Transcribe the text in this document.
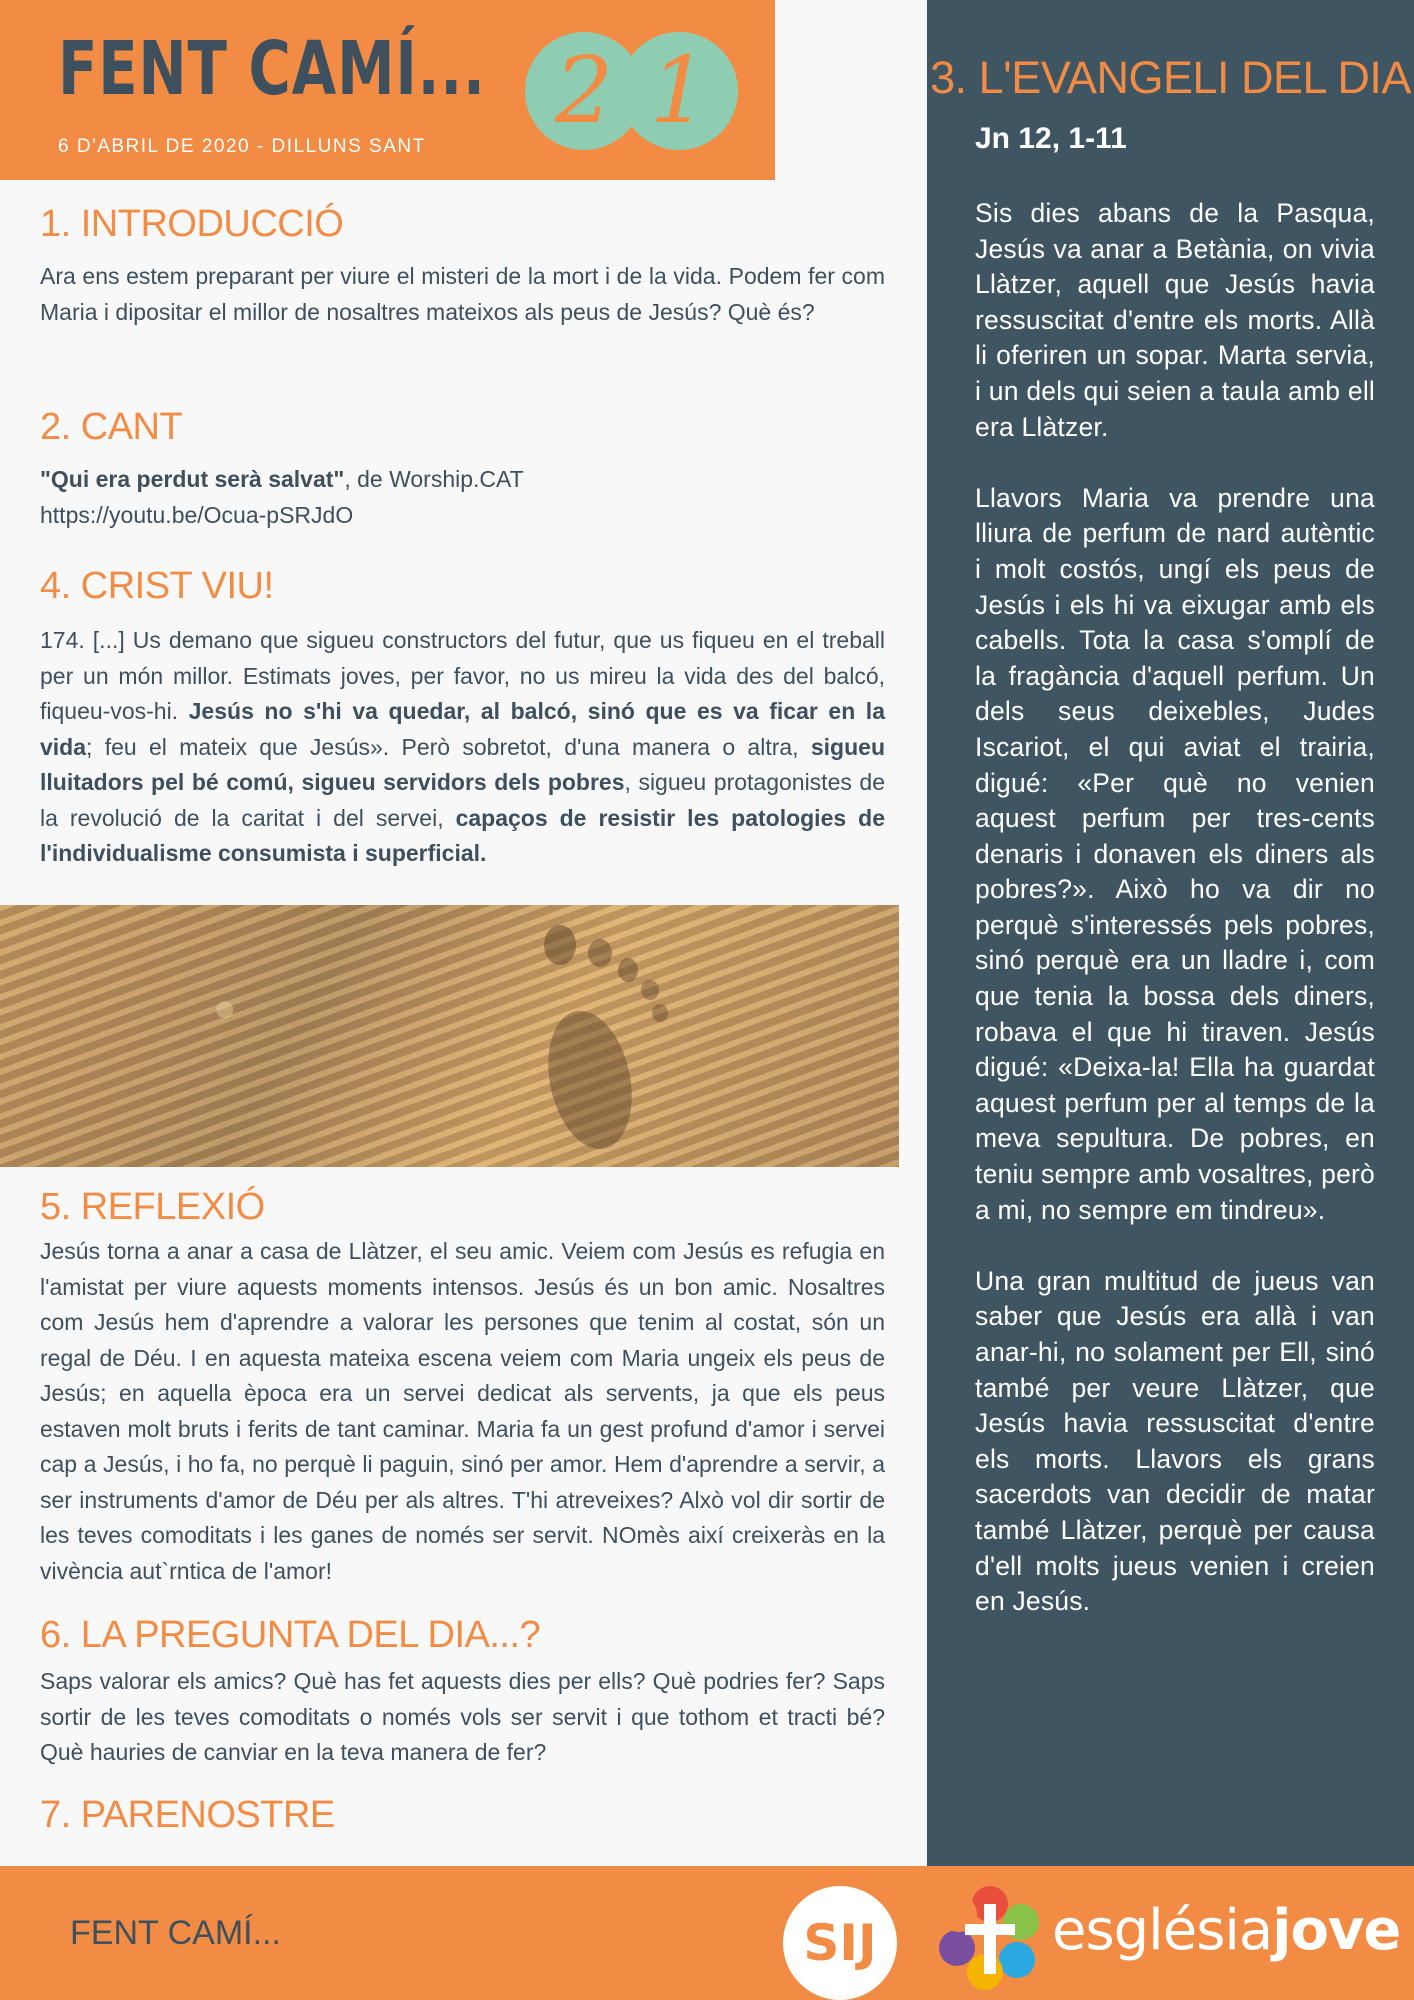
FENT CAMÍ...
6 D'ABRIL DE 2020 - DILLUNS SANT
2 1
1. INTRODUCCIÓ
Ara ens estem preparant per viure el misteri de la mort i de la vida. Podem fer com Maria i dipositar el millor de nosaltres mateixos als peus de Jesús? Què és?
2. CANT
"Qui era perdut serà salvat", de Worship.CAT
https://youtu.be/Ocua-pSRJdO
4. CRIST VIU!
174. [...] Us demano que sigueu constructors del futur, que us fiqueu en el treball per un món millor. Estimats joves, per favor, no us mireu la vida des del balcó, fiqueu-vos-hi. Jesús no s'hi va quedar, al balcó, sinó que es va ficar en la vida; feu el mateix que Jesús». Però sobretot, d'una manera o altra, sigueu lluitadors pel bé comú, sigueu servidors dels pobres, sigueu protagonistes de la revolució de la caritat i del servei, capaços de resistir les patologies de l'individualisme consumista i superficial.
5. REFLEXIÓ
Jesús torna a anar a casa de Llàtzer, el seu amic. Veiem com Jesús es refugia en l'amistat per viure aquests moments intensos. Jesús és un bon amic. Nosaltres com Jesús hem d'aprendre a valorar les persones que tenim al costat, són un regal de Déu. I en aquesta mateixa escena veiem com Maria ungeix els peus de Jesús; en aquella època era un servei dedicat als servents, ja que els peus estaven molt bruts i ferits de tant caminar. Maria fa un gest profund d'amor i servei cap a Jesús, i ho fa, no perquè li paguin, sinó per amor. Hem d'aprendre a servir, a ser instruments d'amor de Déu per als altres. T'hi atreveixes? Alxò vol dir sortir de les teves comoditats i les ganes de només ser servit. NOmès així creixeràs en la vivència aut`rntica de l'amor!
6. LA PREGUNTA DEL DIA...?
Saps valorar els amics? Què has fet aquests dies per ells? Què podries fer? Saps sortir de les teves comoditats o només vols ser servit i que tothom et tracti bé? Què hauries de canviar en la teva manera de fer?
7. PARENOSTRE
3. L'EVANGELI DEL DIA
Jn 12, 1-11

Sis dies abans de la Pasqua, Jesús va anar a Betània, on vivia Llàtzer, aquell que Jesús havia ressuscitat d'entre els morts. Allà li oferiren un sopar. Marta servia, i un dels qui seien a taula amb ell era Llàtzer.

Llavors Maria va prendre una lliura de perfum de nard autèntic i molt costós, ungí els peus de Jesús i els hi va eixugar amb els cabells. Tota la casa s'omplí de la fragància d'aquell perfum. Un dels seus deixebles, Judes Iscariot, el qui aviat el trairia, digué: «Per què no venien aquest perfum per tres-cents denaris i donaven els diners als pobres?». Això ho va dir no perquè s'interessés pels pobres, sinó perquè era un lladre i, com que tenia la bossa dels diners, robava el que hi tiraven. Jesús digué: «Deixa-la! Ella ha guardat aquest perfum per al temps de la meva sepultura. De pobres, en teniu sempre amb vosaltres, però a mi, no sempre em tindreu».

Una gran multitud de jueus van saber que Jesús era allà i van anar-hi, no solament per Ell, sinó també per veure Llàtzer, que Jesús havia ressuscitat d'entre els morts. Llavors els grans sacerdots van decidir de matar també Llàtzer, perquè per causa d'ell molts jueus venien i creien en Jesús.

FENT CAMÍ...	SIJ	esglésiajove
